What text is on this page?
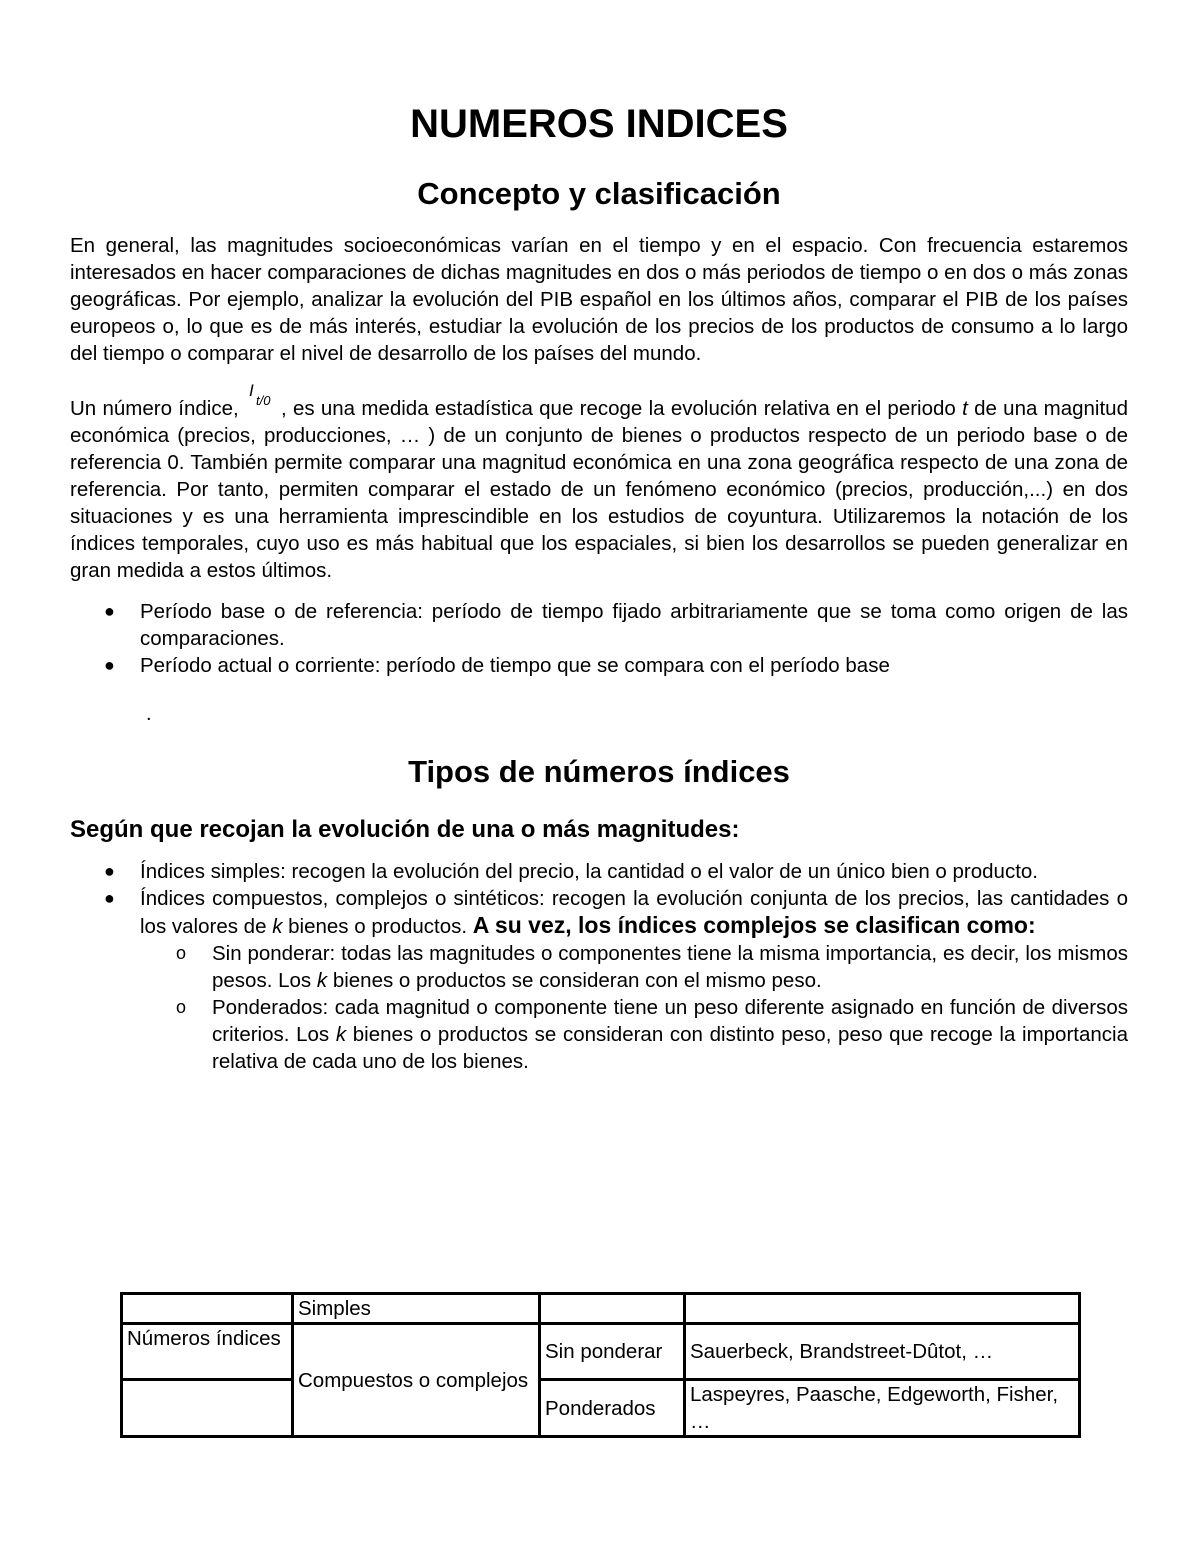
NUMEROS INDICES
Concepto y clasificación

En general, las magnitudes socioeconómicas varían en el tiempo y en el espacio. Con frecuencia estaremos interesados en hacer comparaciones de dichas magnitudes en dos o más periodos de tiempo o en dos o más zonas geográficas. Por ejemplo, analizar la evolución del PIB español en los últimos años, comparar el PIB de los países europeos o, lo que es de más interés, estudiar la evolución de los precios de los productos de consumo a lo largo del tiempo o comparar el nivel de desarrollo de los países del mundo.

Un número índice,
I
t/0 , es una medida estadística que recoge la evolución relativa en el periodo t de una magnitud económica (precios, producciones, … ) de un conjunto de bienes o productos respecto de un periodo base o de referencia 0. También permite comparar una magnitud económica en una zona geográfica respecto de una zona de referencia. Por tanto, permiten comparar el estado de un fenómeno económico (precios, producción,...) en dos situaciones y es una herramienta imprescindible en los estudios de coyuntura. Utilizaremos la notación de los índices temporales, cuyo uso es más habitual que los espaciales, si bien los desarrollos se pueden generalizar en gran medida a estos últimos.

● Período base o de referencia: período de tiempo fijado arbitrariamente que se toma como origen de las comparaciones.
● Período actual o corriente: período de tiempo que se compara con el período base
.
Tipos de números índices
Según que recojan la evolución de una o más magnitudes:
● Índices simples: recogen la evolución del precio, la cantidad o el valor de un único bien o producto.
● Índices compuestos, complejos o sintéticos: recogen la evolución conjunta de los precios, las cantidades o los valores de k bienes o productos. A su vez, los índices complejos se clasifican como:
o Sin ponderar: todas las magnitudes o componentes tiene la misma importancia, es decir, los mismos pesos. Los k bienes o productos se consideran con el mismo peso.
o Ponderados: cada magnitud o componente tiene un peso diferente asignado en función de diversos criterios. Los k bienes o productos se consideran con distinto peso, peso que recoge la importancia relativa de cada uno de los bienes.
	Simples		
Números índices	Compuestos o complejos	Sin ponderar	Sauerbeck, Brandstreet-Dûtot, …
		Ponderados	Laspeyres, Paasche, Edgeworth, Fisher, …
